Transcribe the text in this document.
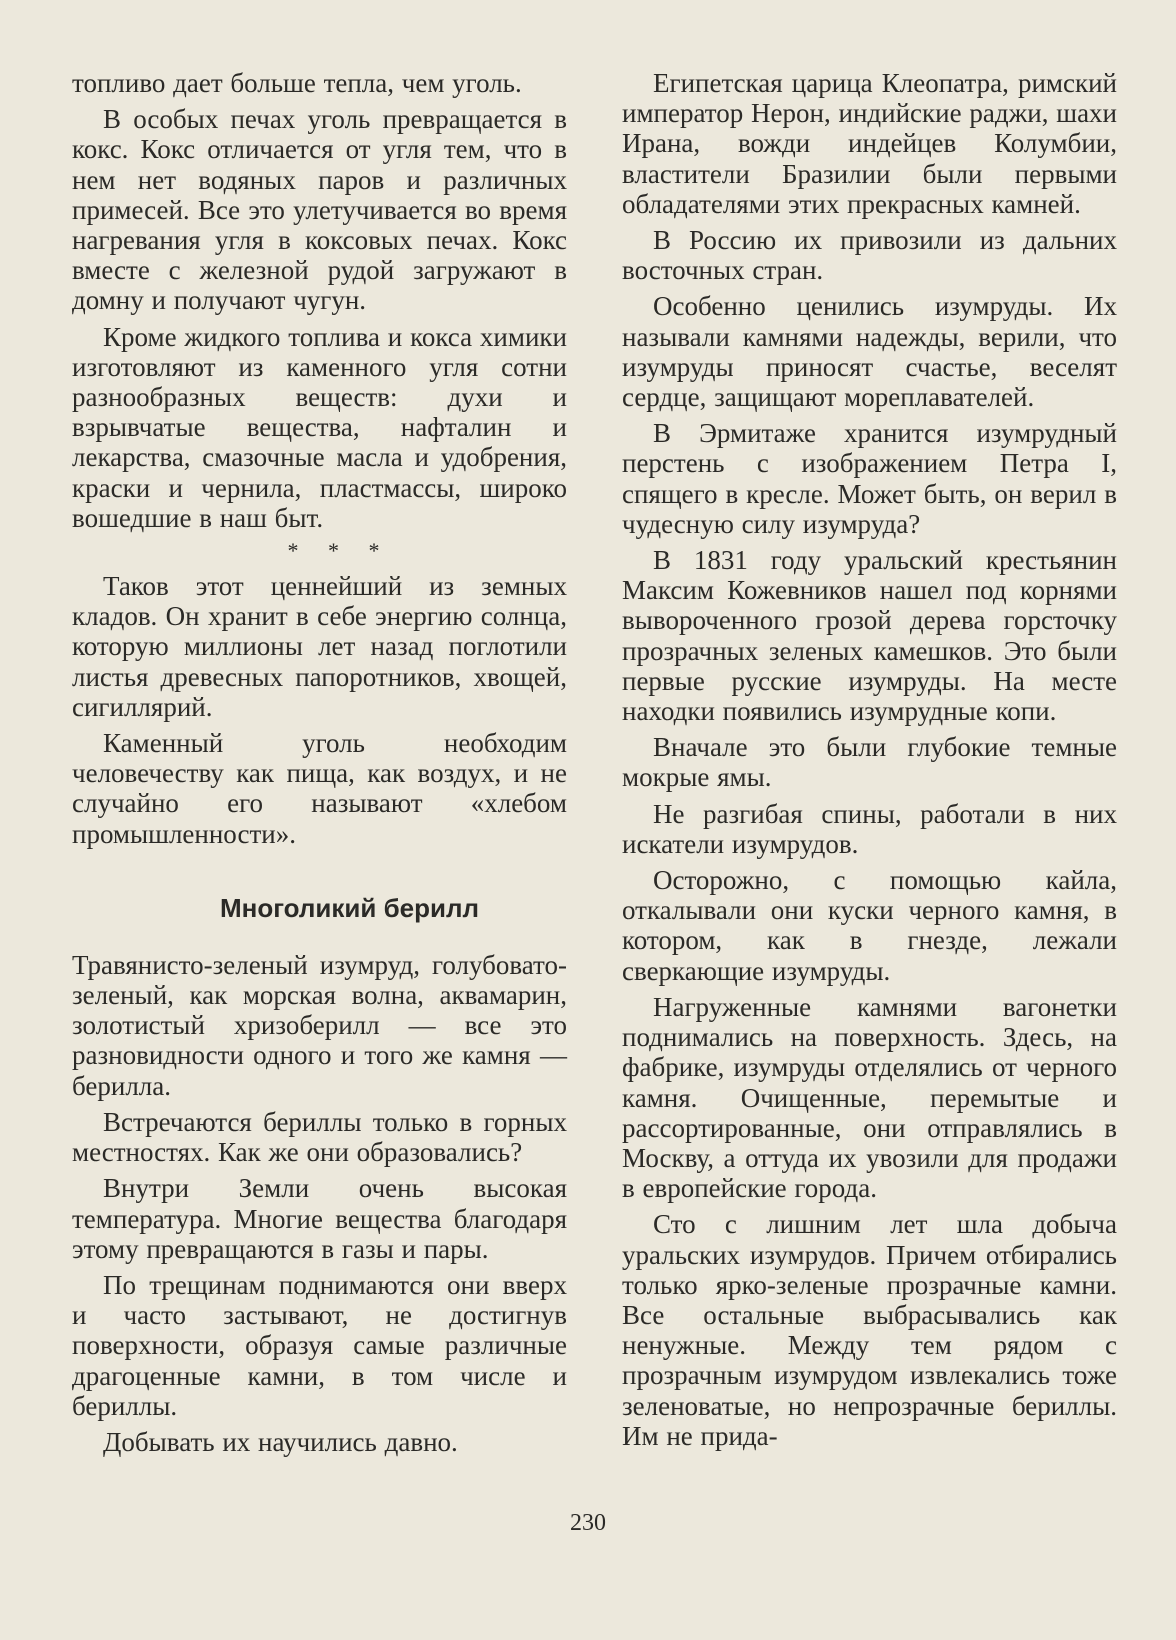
топливо дает больше тепла, чем уголь.

В особых печах уголь превращается в кокс. Кокс отличается от угля тем, что в нем нет водяных паров и различных примесей. Все это улетучивается во время нагревания угля в коксовых печах. Кокс вместе с железной рудой загружают в домну и получают чугун.

Кроме жидкого топлива и кокса химики изготовляют из каменного угля сотни разнообразных веществ: духи и взрывчатые вещества, нафталин и лекарства, смазочные масла и удобрения, краски и чернила, пластмассы, широко вошедшие в наш быт.

* * *

Таков этот ценнейший из земных кладов. Он хранит в себе энергию солнца, которую миллионы лет назад поглотили листья древесных папоротников, хвощей, сигиллярий.

Каменный уголь необходим человечеству как пища, как воздух, и не случайно его называют «хлебом промышленности».

Многоликий берилл

Травянисто-зеленый изумруд, голубовато-зеленый, как морская волна, аквамарин, золотистый хризоберилл — все это разновидности одного и того же камня — берилла.

Встречаются бериллы только в горных местностях. Как же они образовались?

Внутри Земли очень высокая температура. Многие вещества благодаря этому превращаются в газы и пары.

По трещинам поднимаются они вверх и часто застывают, не достигнув поверхности, образуя самые различные драгоценные камни, в том числе и бериллы.

Добывать их научились давно.

Египетская царица Клеопатра, римский император Нерон, индийские раджи, шахи Ирана, вожди индейцев Колумбии, властители Бразилии были первыми обладателями этих прекрасных камней.

В Россию их привозили из дальних восточных стран.

Особенно ценились изумруды. Их называли камнями надежды, верили, что изумруды приносят счастье, веселят сердце, защищают мореплавателей.

В Эрмитаже хранится изумрудный перстень с изображением Петра I, спящего в кресле. Может быть, он верил в чудесную силу изумруда?

В 1831 году уральский крестьянин Максим Кожевников нашел под корнями вывороченного грозой дерева горсточку прозрачных зеленых камешков. Это были первые русские изумруды. На месте находки появились изумрудные копи.

Вначале это были глубокие темные мокрые ямы.

Не разгибая спины, работали в них искатели изумрудов.

Осторожно, с помощью кайла, откалывали они куски черного камня, в котором, как в гнезде, лежали сверкающие изумруды.

Нагруженные камнями вагонетки поднимались на поверхность. Здесь, на фабрике, изумруды отделялись от черного камня. Очищенные, перемытые и рассортированные, они отправлялись в Москву, а оттуда их увозили для продажи в европейские города.

Сто с лишним лет шла добыча уральских изумрудов. Причем отбирались только ярко-зеленые прозрачные камни. Все остальные выбрасывались как ненужные. Между тем рядом с прозрачным изумрудом извлекались тоже зеленоватые, но непрозрачные бериллы. Им не прида-

230
